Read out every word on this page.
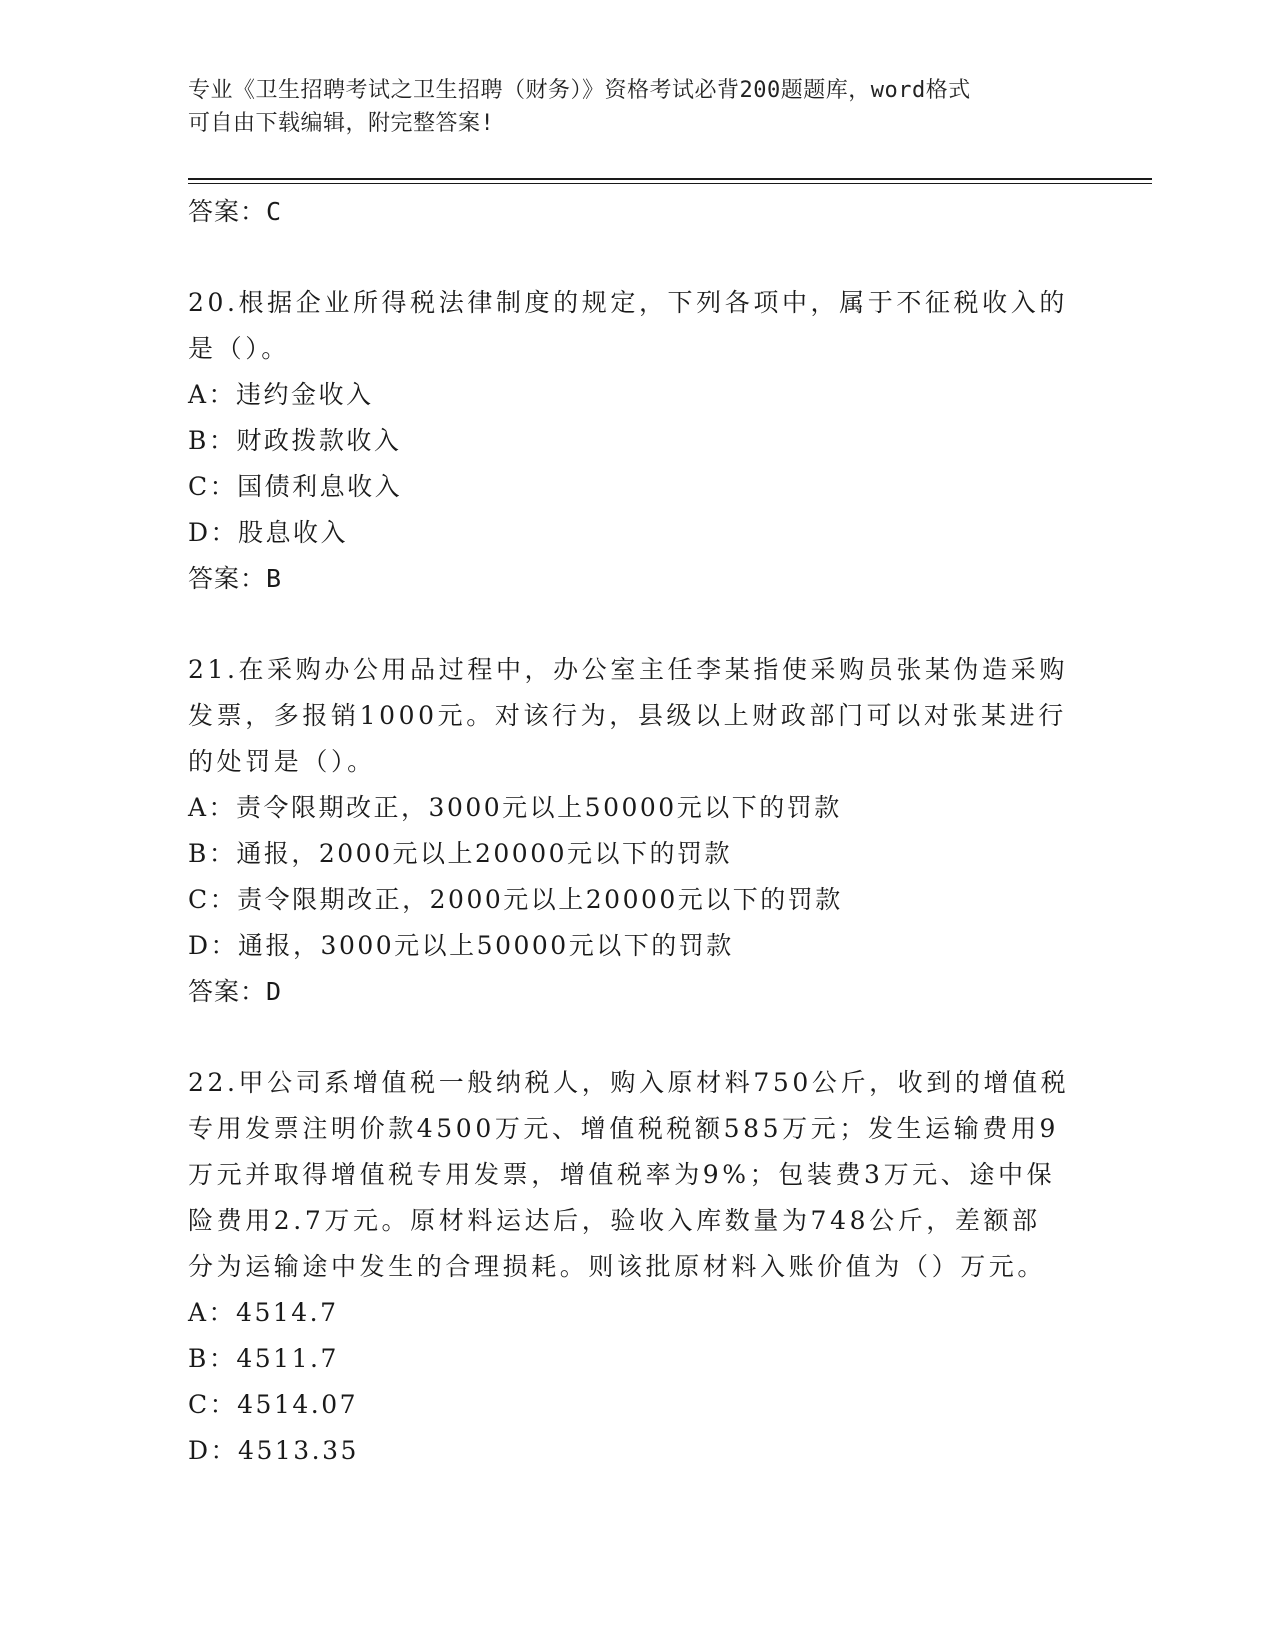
专业《卫生招聘考试之卫生招聘（财务）》资格考试必背200题题库，word格式
可自由下载编辑，附完整答案!
答案：C
20.根据企业所得税法律制度的规定，下列各项中，属于不征税收入的
是（）。
A：违约金收入
B：财政拨款收入
C：国债利息收入
D：股息收入
答案：B
21.在采购办公用品过程中，办公室主任李某指使采购员张某伪造采购
发票，多报销1000元。对该行为，县级以上财政部门可以对张某进行
的处罚是（）。
A：责令限期改正，3000元以上50000元以下的罚款
B：通报，2000元以上20000元以下的罚款
C：责令限期改正，2000元以上20000元以下的罚款
D：通报，3000元以上50000元以下的罚款
答案：D
22.甲公司系增值税一般纳税人，购入原材料750公斤，收到的增值税
专用发票注明价款4500万元、增值税税额585万元；发生运输费用9
万元并取得增值税专用发票，增值税率为9%；包装费3万元、途中保
险费用2.7万元。原材料运达后，验收入库数量为748公斤，差额部
分为运输途中发生的合理损耗。则该批原材料入账价值为（）万元。
A：4514.7
B：4511.7
C：4514.07
D：4513.35
